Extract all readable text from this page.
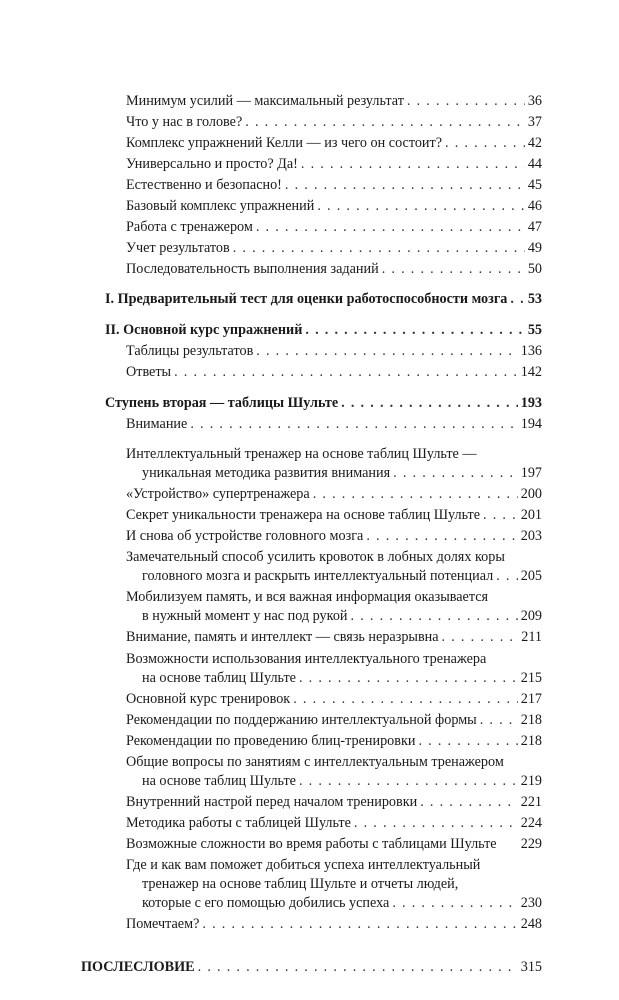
Минимум усилий — максимальный результат . . .	36
Что у нас в голове? . . .	37
Комплекс упражнений Келли — из чего он состоит? . . .	42
Универсально и просто? Да! . . .	44
Естественно и безопасно! . . .	45
Базовый комплекс упражнений . . .	46
Работа с тренажером . . .	47
Учет результатов . . .	49
Последовательность выполнения заданий . . .	50
I. Предварительный тест для оценки работоспособности мозга . . . 53
II. Основной курс упражнений . . .	55
Таблицы результатов . . .	136
Ответы . . .	142
Ступень вторая — таблицы Шульте . . .	193
Внимание . . .	194
Интеллектуальный тренажер на основе таблиц Шульте —
уникальная методика развития внимания . . .	197
«Устройство» супертренажера . . .	200
Секрет уникальности тренажера на основе таблиц Шульте . . .	201
И снова об устройстве головного мозга . . .	203
Замечательный способ усилить кровоток в лобных долях коры
головного мозга и раскрыть интеллектуальный потенциал . . . 205
Мобилизуем память, и вся важная информация оказывается
в нужный момент у нас под рукой . . .	209
Внимание, память и интеллект — связь неразрывна . . .	211
Возможности использования интеллектуального тренажера
на основе таблиц Шульте . . .	215
Основной курс тренировок . . .	217
Рекомендации по поддержанию интеллектуальной формы . . .	218
Рекомендации по проведению блиц-тренировки . . .	218
Общие вопросы по занятиям с интеллектуальным тренажером
на основе таблиц Шульте . . .	219
Внутренний настрой перед началом тренировки . . .	221
Методика работы с таблицей Шульте . . .	224
Возможные сложности во время работы с таблицами Шульте 229
Где и как вам поможет добиться успеха интеллектуальный
тренажер на основе таблиц Шульте и отчеты людей,
которые с его помощью добились успеха . . .	230
Помечтаем? . . .	248
ПОСЛЕСЛОВИЕ . . .	315
